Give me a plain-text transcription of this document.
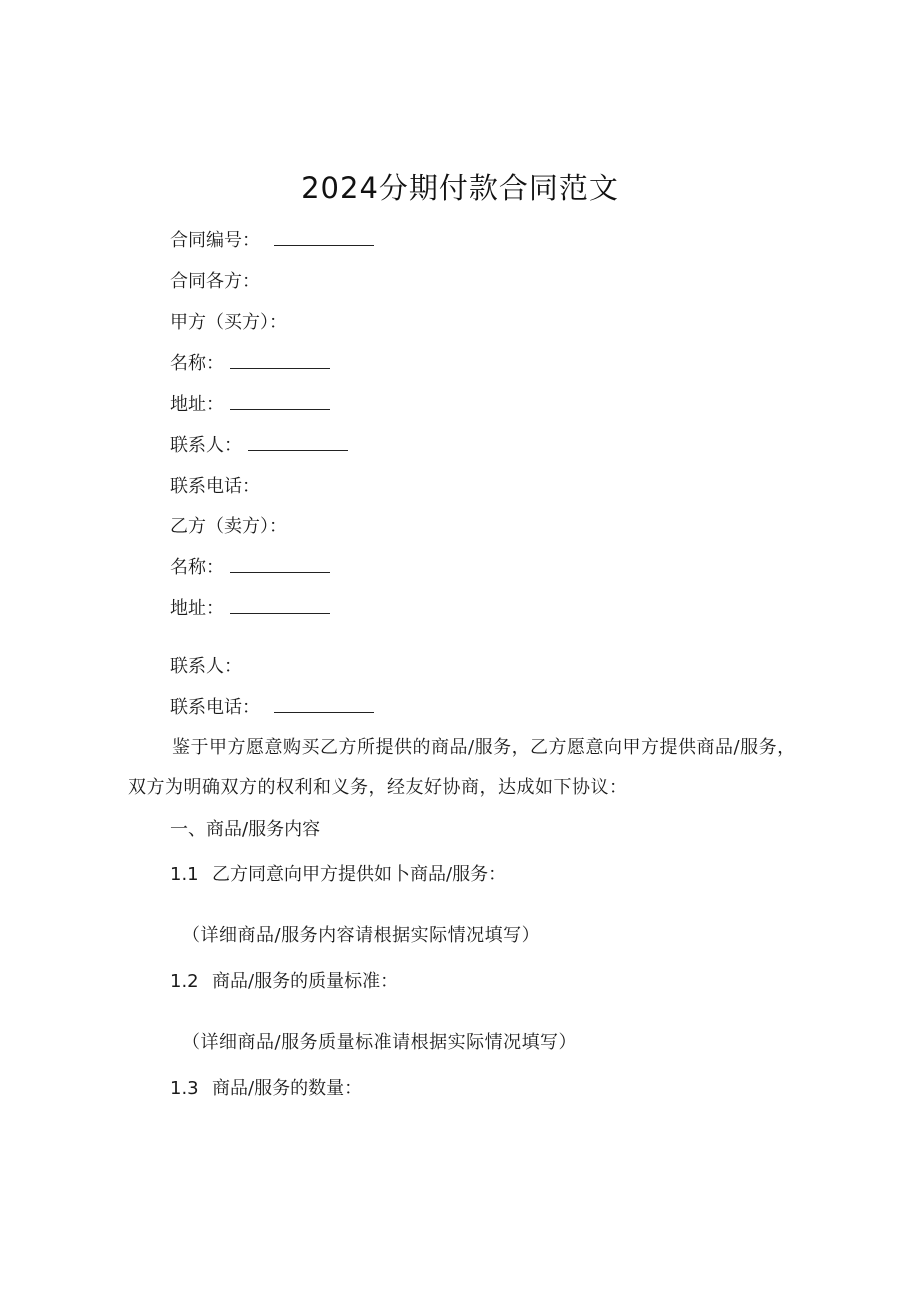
2024分期付款合同范文
合同编号：
合同各方：
甲方（买方）：
名称：
地址：
联系人：
联系电话：
乙方（卖方）：
名称：
地址：
联系人：
联系电话：
鉴于甲方愿意购买乙方所提供的商品/服务，乙方愿意向甲方提供商品/服务，双方为明确双方的权利和义务，经友好协商，达成如下协议：
一、商品/服务内容
1.1 乙方同意向甲方提供如卜商品/服务：
（详细商品/服务内容请根据实际情况填写）
1.2 商品/服务的质量标准：
（详细商品/服务质量标准请根据实际情况填写）
1.3 商品/服务的数量：
